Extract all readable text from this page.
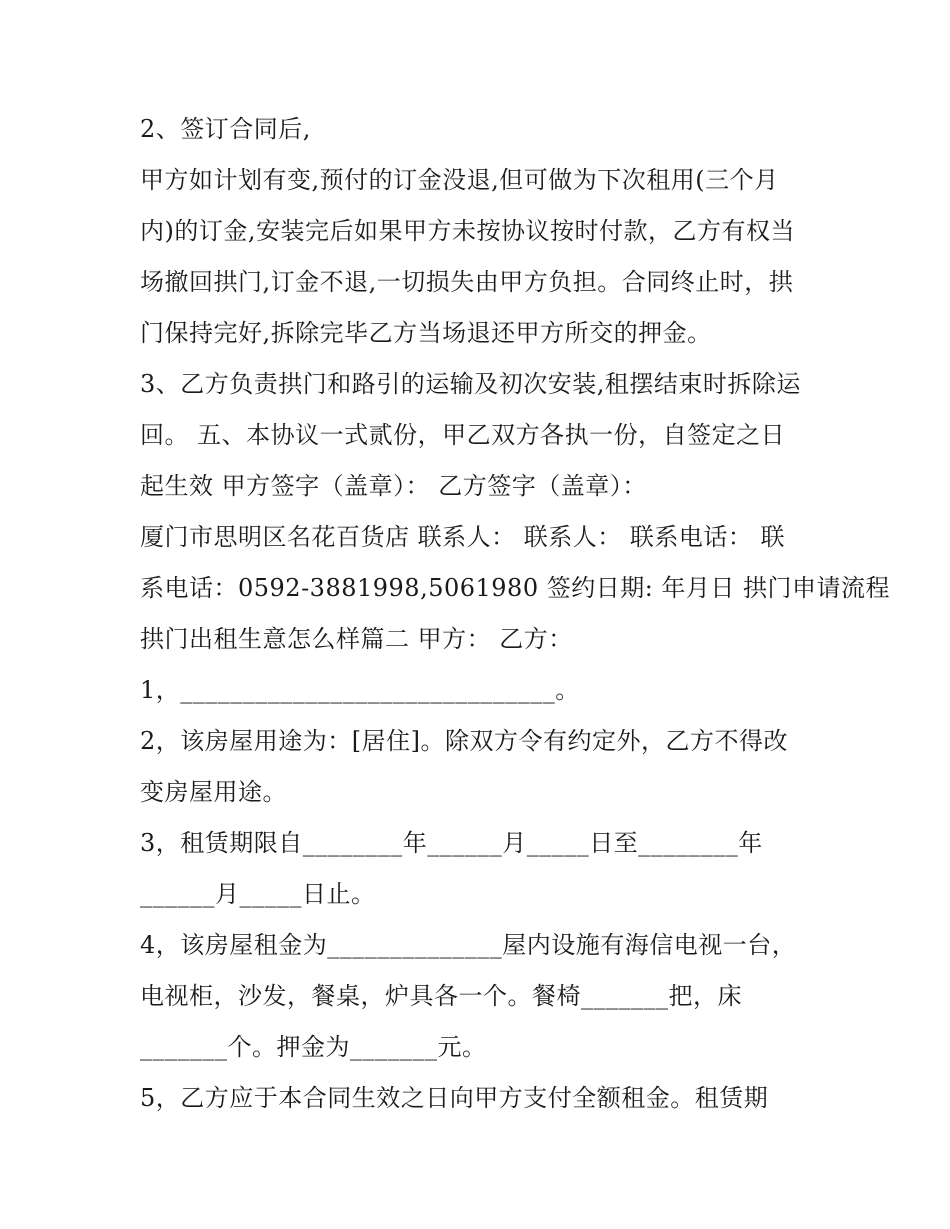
2、签订合同后,
甲方如计划有变,预付的订金没退,但可做为下次租用(三个月
内)的订金,安装完后如果甲方未按协议按时付款，乙方有权当
场撤回拱门,订金不退,一切损失由甲方负担。合同终止时，拱
门保持完好,拆除完毕乙方当场退还甲方所交的押金。
3、乙方负责拱门和路引的运输及初次安装,租摆结束时拆除运
回。 五、本协议一式贰份，甲乙双方各执一份，自签定之日
起生效 甲方签字（盖章）： 乙方签字（盖章）：
厦门市思明区名花百货店 联系人： 联系人： 联系电话： 联
系电话：0592-3881998,5061980 签约日期: 年月日 拱门申请流程
拱门出租生意怎么样篇二 甲方： 乙方：
1，______________________________。
2，该房屋用途为：[居住]。除双方令有约定外，乙方不得改
变房屋用途。
3，租赁期限自________年______月_____日至________年
______月_____日止。
4，该房屋租金为______________屋内设施有海信电视一台，
电视柜，沙发，餐桌，炉具各一个。餐椅_______把，床
_______个。押金为_______元。
5，乙方应于本合同生效之日向甲方支付全额租金。租赁期
